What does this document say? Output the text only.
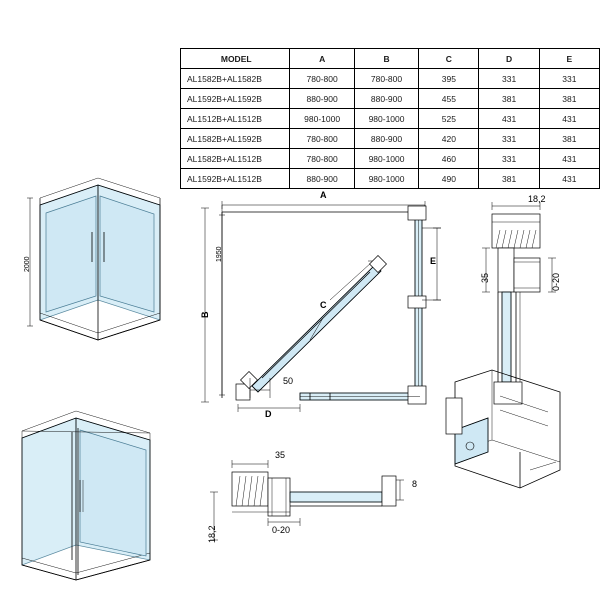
MODEL	A	B	C	D	E
AL1582B+AL1582B	780-800	780-800	395	331	331
AL1592B+AL1592B	880-900	880-900	455	381	381
AL1512B+AL1512B	980-1000	980-1000	525	431	431
AL1582B+AL1592B	780-800	880-900	420	331	381
AL1582B+AL1512B	780-800	980-1000	460	331	431
AL1592B+AL1512B	880-900	980-1000	490	381	431
2000
A
B
C
D
E
1950
50
18,2
35	0-20
35
8
0-20
18,2
